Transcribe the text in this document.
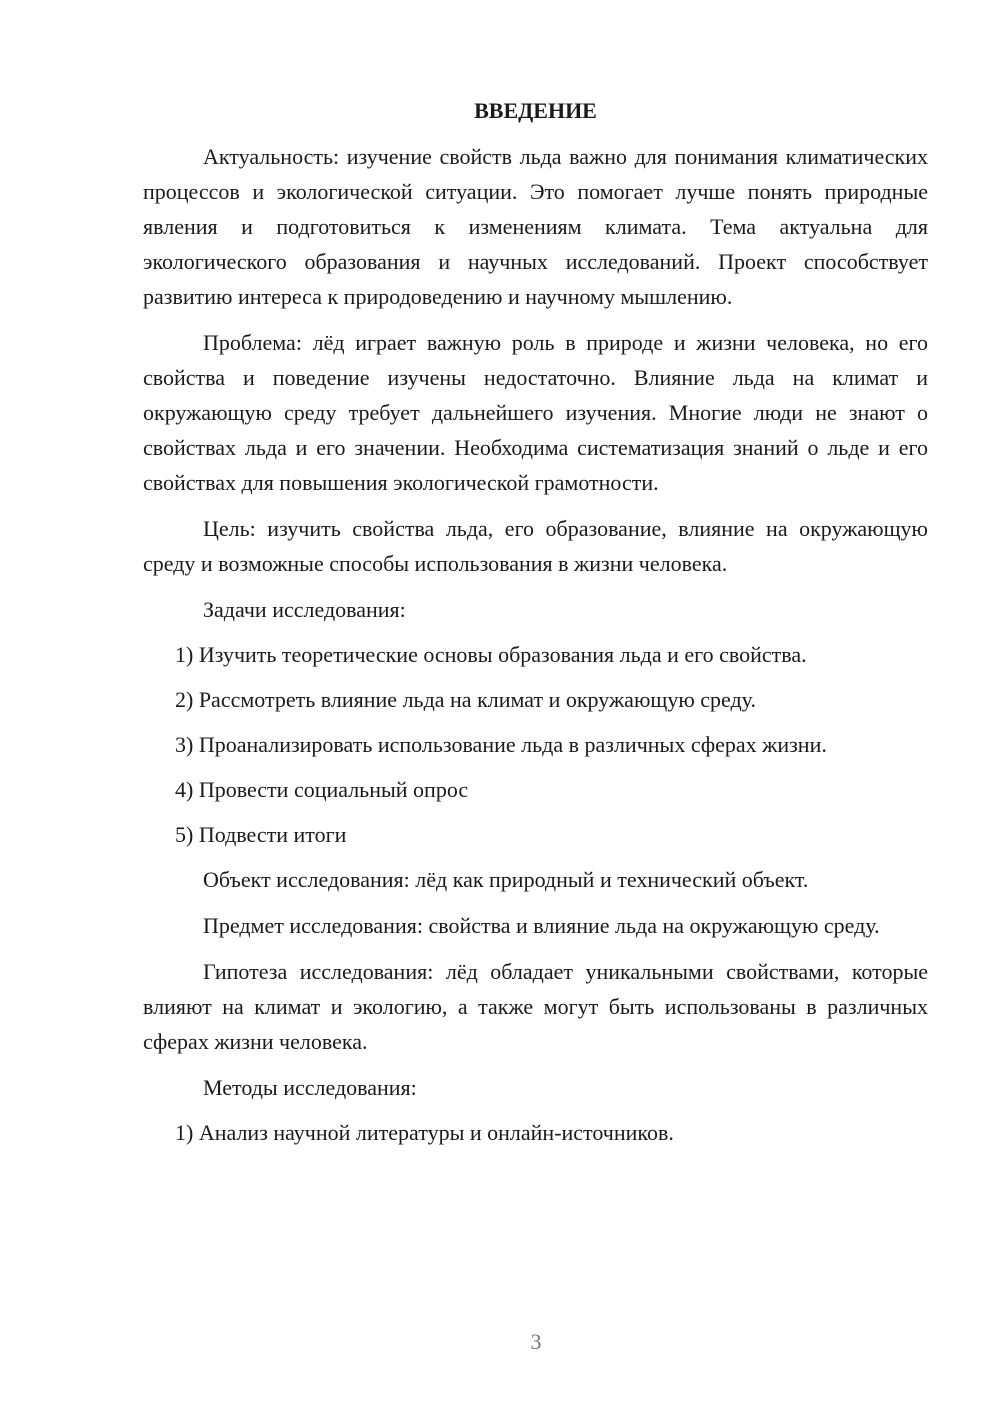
ВВЕДЕНИЕ

Актуальность: изучение свойств льда важно для понимания климатических процессов и экологической ситуации. Это помогает лучше понять природные явления и подготовиться к изменениям климата. Тема актуальна для экологического образования и научных исследований. Проект способствует развитию интереса к природоведению и научному мышлению.

Проблема: лёд играет важную роль в природе и жизни человека, но его свойства и поведение изучены недостаточно. Влияние льда на климат и окружающую среду требует дальнейшего изучения. Многие люди не знают о свойствах льда и его значении. Необходима систематизация знаний о льде и его свойствах для повышения экологической грамотности.

Цель: изучить свойства льда, его образование, влияние на окружающую среду и возможные способы использования в жизни человека.

Задачи исследования:

1) Изучить теоретические основы образования льда и его свойства.

2) Рассмотреть влияние льда на климат и окружающую среду.

3) Проанализировать использование льда в различных сферах жизни.

4) Провести социальный опрос

5) Подвести итоги

Объект исследования: лёд как природный и технический объект.

Предмет исследования: свойства и влияние льда на окружающую среду.

Гипотеза исследования: лёд обладает уникальными свойствами, которые влияют на климат и экологию, а также могут быть использованы в различных сферах жизни человека.

Методы исследования:

1) Анализ научной литературы и онлайн-источников.

3
